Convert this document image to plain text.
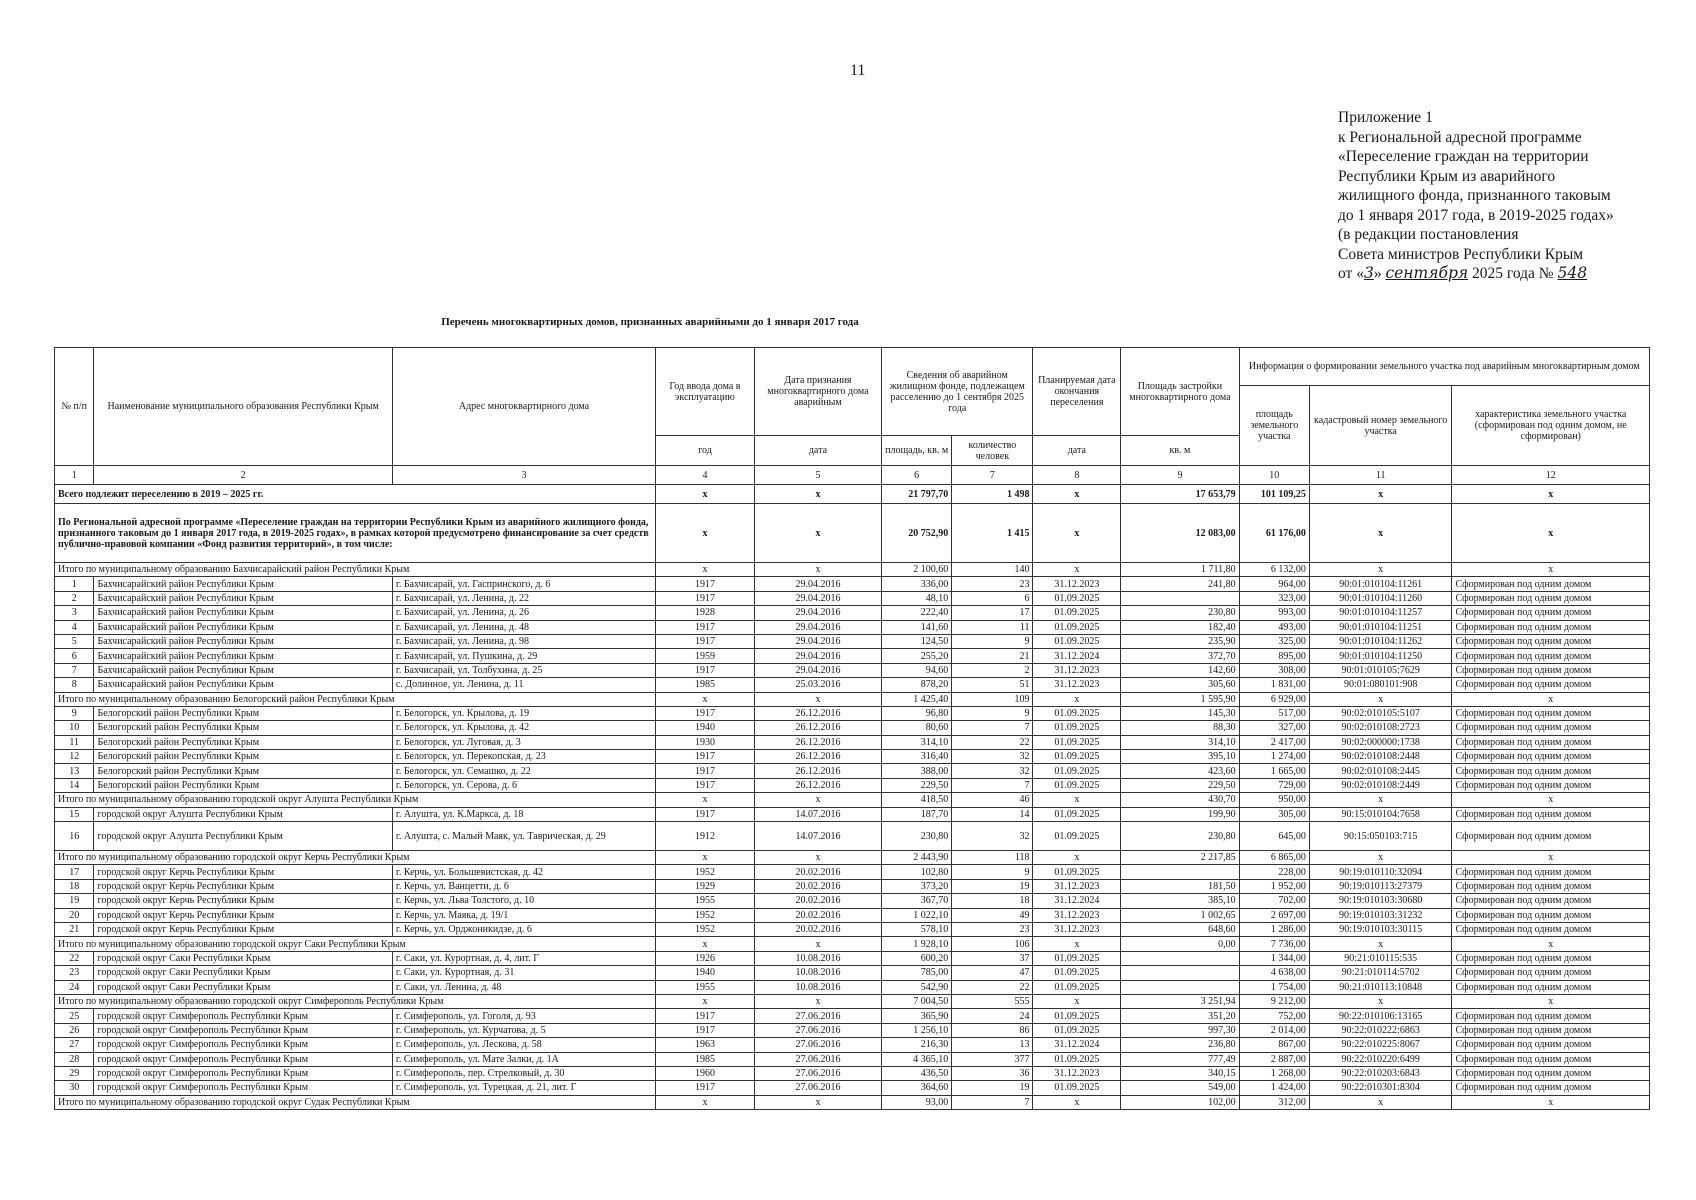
11
Приложение 1
к Региональной адресной программе
«Переселение граждан на территории
Республики Крым из аварийного
жилищного фонда, признанного таковым
до 1 января 2017 года, в 2019-2025 годах»
(в редакции постановления
Совета министров Республики Крым
от «3» сентября 2025 года № 548
Перечень многоквартирных домов, признанных аварийными до 1 января 2017 года
№ п/п	Наименование муниципального образования Республики Крым	Адрес многоквартирного дома	Год ввода дома в эксплуатацию	Дата признания многоквартирного дома аварийным	Сведения об аварийном жилищном фонде, подлежащем расселению до 1 сентября 2025 года		Планируемая дата окончания переселения	Площадь застройки многоквартирного дома	Информация о формировании земельного участка под аварийным многоквартирным домом		
									площадь земельного участка	кадастровый номер земельного участка	характеристика земельного участка (сформирован под одним домом, не сформирован)
			год	дата	площадь, кв. м	количество человек	дата	кв. м			
1	2	3	4	5	6	7	8	9	10	11	12
Всего подлежит переселению в 2019 – 2025 гг.			x	x	21 797,70	1 498	x	17 653,79	101 109,25	x	x
По Региональной адресной программе «Переселение граждан на территории Республики Крым из аварийного жилищного фонда, признанного таковым до 1 января 2017 года, в 2019-2025 годах», в рамках которой предусмотрено финансирование за счет средств публично-правовой компании «Фонд развития территорий», в том числе:			x	x	20 752,90	1 415	x	12 083,00	61 176,00	x	x
Итого по муниципальному образованию Бахчисарайский район Республики Крым			x	x	2 100,60	140	x	1 711,80	6 132,00	x	x
1	Бахчисарайский район Республики Крым	г. Бахчисарай, ул. Гаспринского, д. 6	1917	29.04.2016	336,00	23	31.12.2023	241,80	964,00	90:01:010104:11261	Сформирован под одним домом
2	Бахчисарайский район Республики Крым	г. Бахчисарай, ул. Ленина, д. 22	1917	29.04.2016	48,10	6	01.09.2025		323,00	90:01:010104:11260	Сформирован под одним домом
3	Бахчисарайский район Республики Крым	г. Бахчисарай, ул. Ленина, д. 26	1928	29.04.2016	222,40	17	01.09.2025	230,80	993,00	90:01:010104:11257	Сформирован под одним домом
4	Бахчисарайский район Республики Крым	г. Бахчисарай, ул. Ленина, д. 48	1917	29.04.2016	141,60	11	01.09.2025	182,40	493,00	90:01:010104:11251	Сформирован под одним домом
5	Бахчисарайский район Республики Крым	г. Бахчисарай, ул. Ленина, д. 98	1917	29.04.2016	124,50	9	01.09.2025	235,90	325,00	90:01:010104:11262	Сформирован под одним домом
6	Бахчисарайский район Республики Крым	г. Бахчисарай, ул. Пушкина, д. 29	1959	29.04.2016	255,20	21	31.12.2024	372,70	895,00	90:01:010104:11250	Сформирован под одним домом
7	Бахчисарайский район Республики Крым	г. Бахчисарай, ул. Толбухина, д. 25	1917	29.04.2016	94,60	2	31.12.2023	142,60	308,00	90:01:010105:7629	Сформирован под одним домом
8	Бахчисарайский район Республики Крым	с. Долинное, ул. Ленина, д. 11	1985	25.03.2016	878,20	51	31.12.2023	305,60	1 831,00	90:01:080101:908	Сформирован под одним домом
Итого по муниципальному образованию Белогорский район Республики Крым			x	x	1 425,40	109	x	1 595,90	6 929,00	x	x
9	Белогорский район Республики Крым	г. Белогорск, ул. Крылова, д. 19	1917	26.12.2016	96,80	9	01.09.2025	145,30	517,00	90:02:010105:5107	Сформирован под одним домом
10	Белогорский район Республики Крым	г. Белогорск, ул. Крылова, д. 42	1940	26.12.2016	80,60	7	01.09.2025	88,30	327,00	90:02:010108:2723	Сформирован под одним домом
11	Белогорский район Республики Крым	г. Белогорск, ул. Луговая, д. 3	1930	26.12.2016	314,10	22	01.09.2025	314,10	2 417,00	90:02:000000:1738	Сформирован под одним домом
12	Белогорский район Республики Крым	г. Белогорск, ул. Перекопская, д. 23	1917	26.12.2016	316,40	32	01.09.2025	395,10	1 274,00	90:02:010108:2448	Сформирован под одним домом
13	Белогорский район Республики Крым	г. Белогорск, ул. Семашко, д. 22	1917	26.12.2016	388,00	32	01.09.2025	423,60	1 665,00	90:02:010108:2445	Сформирован под одним домом
14	Белогорский район Республики Крым	г. Белогорск, ул. Серова, д. 6	1917	26.12.2016	229,50	7	01.09.2025	229,50	729,00	90:02:010108:2449	Сформирован под одним домом
Итого по муниципальному образованию городской округ Алушта Республики Крым			x	x	418,50	46	x	430,70	950,00	x	x
15	городской округ Алушта Республики Крым	г. Алушта, ул. К.Маркса, д. 18	1917	14.07.2016	187,70	14	01.09.2025	199,90	305,00	90:15:010104:7658	Сформирован под одним домом
16	городской округ Алушта Республики Крым	г. Алушта, с. Малый Маяк, ул. Таврическая, д. 29	1912	14.07.2016	230,80	32	01.09.2025	230,80	645,00	90:15:050103:715	Сформирован под одним домом
Итого по муниципальному образованию городской округ Керчь Республики Крым			x	x	2 443,90	118	x	2 217,85	6 865,00	x	x
17	городской округ Керчь Республики Крым	г. Керчь, ул. Большевистская, д. 42	1952	20.02.2016	102,80	9	01.09.2025		228,00	90:19:010110:32094	Сформирован под одним домом
18	городской округ Керчь Республики Крым	г. Керчь, ул. Ванцетти, д. 6	1929	20.02.2016	373,20	19	31.12.2023	181,50	1 952,00	90:19:010113:27379	Сформирован под одним домом
19	городской округ Керчь Республики Крым	г. Керчь, ул. Льва Толстого, д. 10	1955	20.02.2016	367,70	18	31.12.2024	385,10	702,00	90:19:010103:30680	Сформирован под одним домом
20	городской округ Керчь Республики Крым	г. Керчь, ул. Маяка, д. 19/1	1952	20.02.2016	1 022,10	49	31.12.2023	1 002,65	2 697,00	90:19:010103:31232	Сформирован под одним домом
21	городской округ Керчь Республики Крым	г. Керчь, ул. Орджоникидзе, д. 6	1952	20.02.2016	578,10	23	31.12.2023	648,60	1 286,00	90:19:010103:30115	Сформирован под одним домом
Итого по муниципальному образованию городской округ Саки Республики Крым			x	x	1 928,10	106	x	0,00	7 736,00	x	x
22	городской округ Саки Республики Крым	г. Саки, ул. Курортная, д. 4, лит. Г	1926	10.08.2016	600,20	37	01.09.2025		1 344,00	90:21:010115:535	Сформирован под одним домом
23	городской округ Саки Республики Крым	г. Саки, ул. Курортная, д. 31	1940	10.08.2016	785,00	47	01.09.2025		4 638,00	90:21:010114:5702	Сформирован под одним домом
24	городской округ Саки Республики Крым	г. Саки, ул. Ленина, д. 48	1955	10.08.2016	542,90	22	01.09.2025		1 754,00	90:21:010113:10848	Сформирован под одним домом
Итого по муниципальному образованию городской округ Симферополь Республики Крым			x	x	7 004,50	555	x	3 251,94	9 212,00	x	x
25	городской округ Симферополь Республики Крым	г. Симферополь, ул. Гоголя, д. 93	1917	27.06.2016	365,90	24	01.09.2025	351,20	752,00	90:22:010106:13165	Сформирован под одним домом
26	городской округ Симферополь Республики Крым	г. Симферополь, ул. Курчатова, д. 5	1917	27.06.2016	1 256,10	86	01.09.2025	997,30	2 014,00	90:22:010222:6863	Сформирован под одним домом
27	городской округ Симферополь Республики Крым	г. Симферополь, ул. Лескова, д. 58	1963	27.06.2016	216,30	13	31.12.2024	236,80	867,00	90:22:010225:8067	Сформирован под одним домом
28	городской округ Симферополь Республики Крым	г. Симферополь, ул. Мате Залки, д. 1А	1985	27.06.2016	4 365,10	377	01.09.2025	777,49	2 887,00	90:22:010220:6499	Сформирован под одним домом
29	городской округ Симферополь Республики Крым	г. Симферополь, пер. Стрелковый, д. 30	1960	27.06.2016	436,50	36	31.12.2023	340,15	1 268,00	90:22:010203:6843	Сформирован под одним домом
30	городской округ Симферополь Республики Крым	г. Симферополь, ул. Турецкая, д. 21, лит. Г	1917	27.06.2016	364,60	19	01.09.2025	549,00	1 424,00	90:22:010301:8304	Сформирован под одним домом
Итого по муниципальному образованию городской округ Судак Республики Крым			x	x	93,00	7	x	102,00	312,00	x	x
